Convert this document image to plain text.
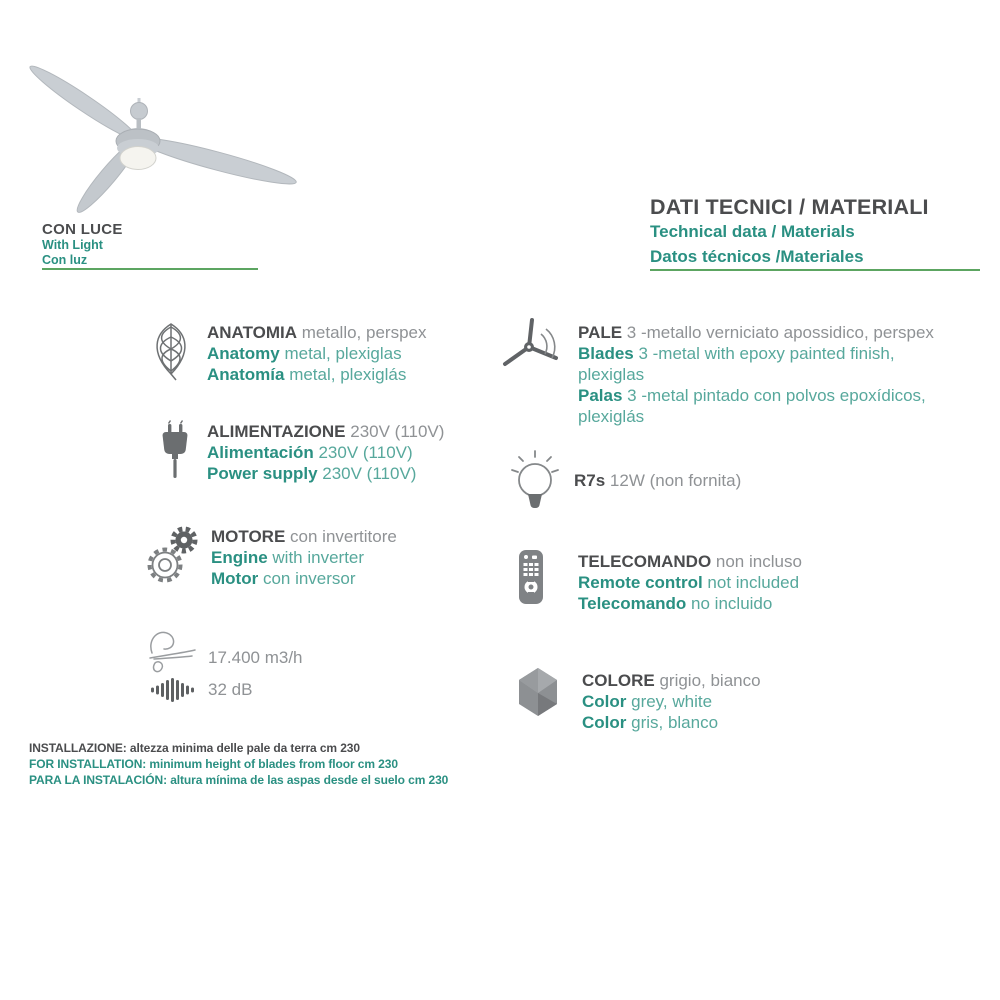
CON LUCE
With Light
Con luz
DATI TECNICI / MATERIALI
Technical data / Materials
Datos técnicos /Materiales
ANATOMIA metallo, perspex
Anatomy metal, plexiglas
Anatomía metal, plexiglás
ALIMENTAZIONE 230V (110V)
Alimentación 230V (110V)
Power supply 230V (110V)
MOTORE con invertitore
Engine with inverter
Motor con inversor
17.400 m3/h
32 dB
PALE 3 -metallo verniciato apossidico, perspex
Blades 3 -metal with epoxy painted finish, plexiglas
Palas 3 -metal pintado con polvos epoxídicos, plexiglás
R7s 12W (non fornita)
TELECOMANDO non incluso
Remote control not included
Telecomando no incluido
COLORE grigio, bianco
Color grey, white
Color gris, blanco
INSTALLAZIONE: altezza minima delle pale da terra cm 230
FOR INSTALLATION: minimum height of blades from floor cm 230
PARA LA INSTALACIÓN: altura mínima de las aspas desde el suelo cm 230
